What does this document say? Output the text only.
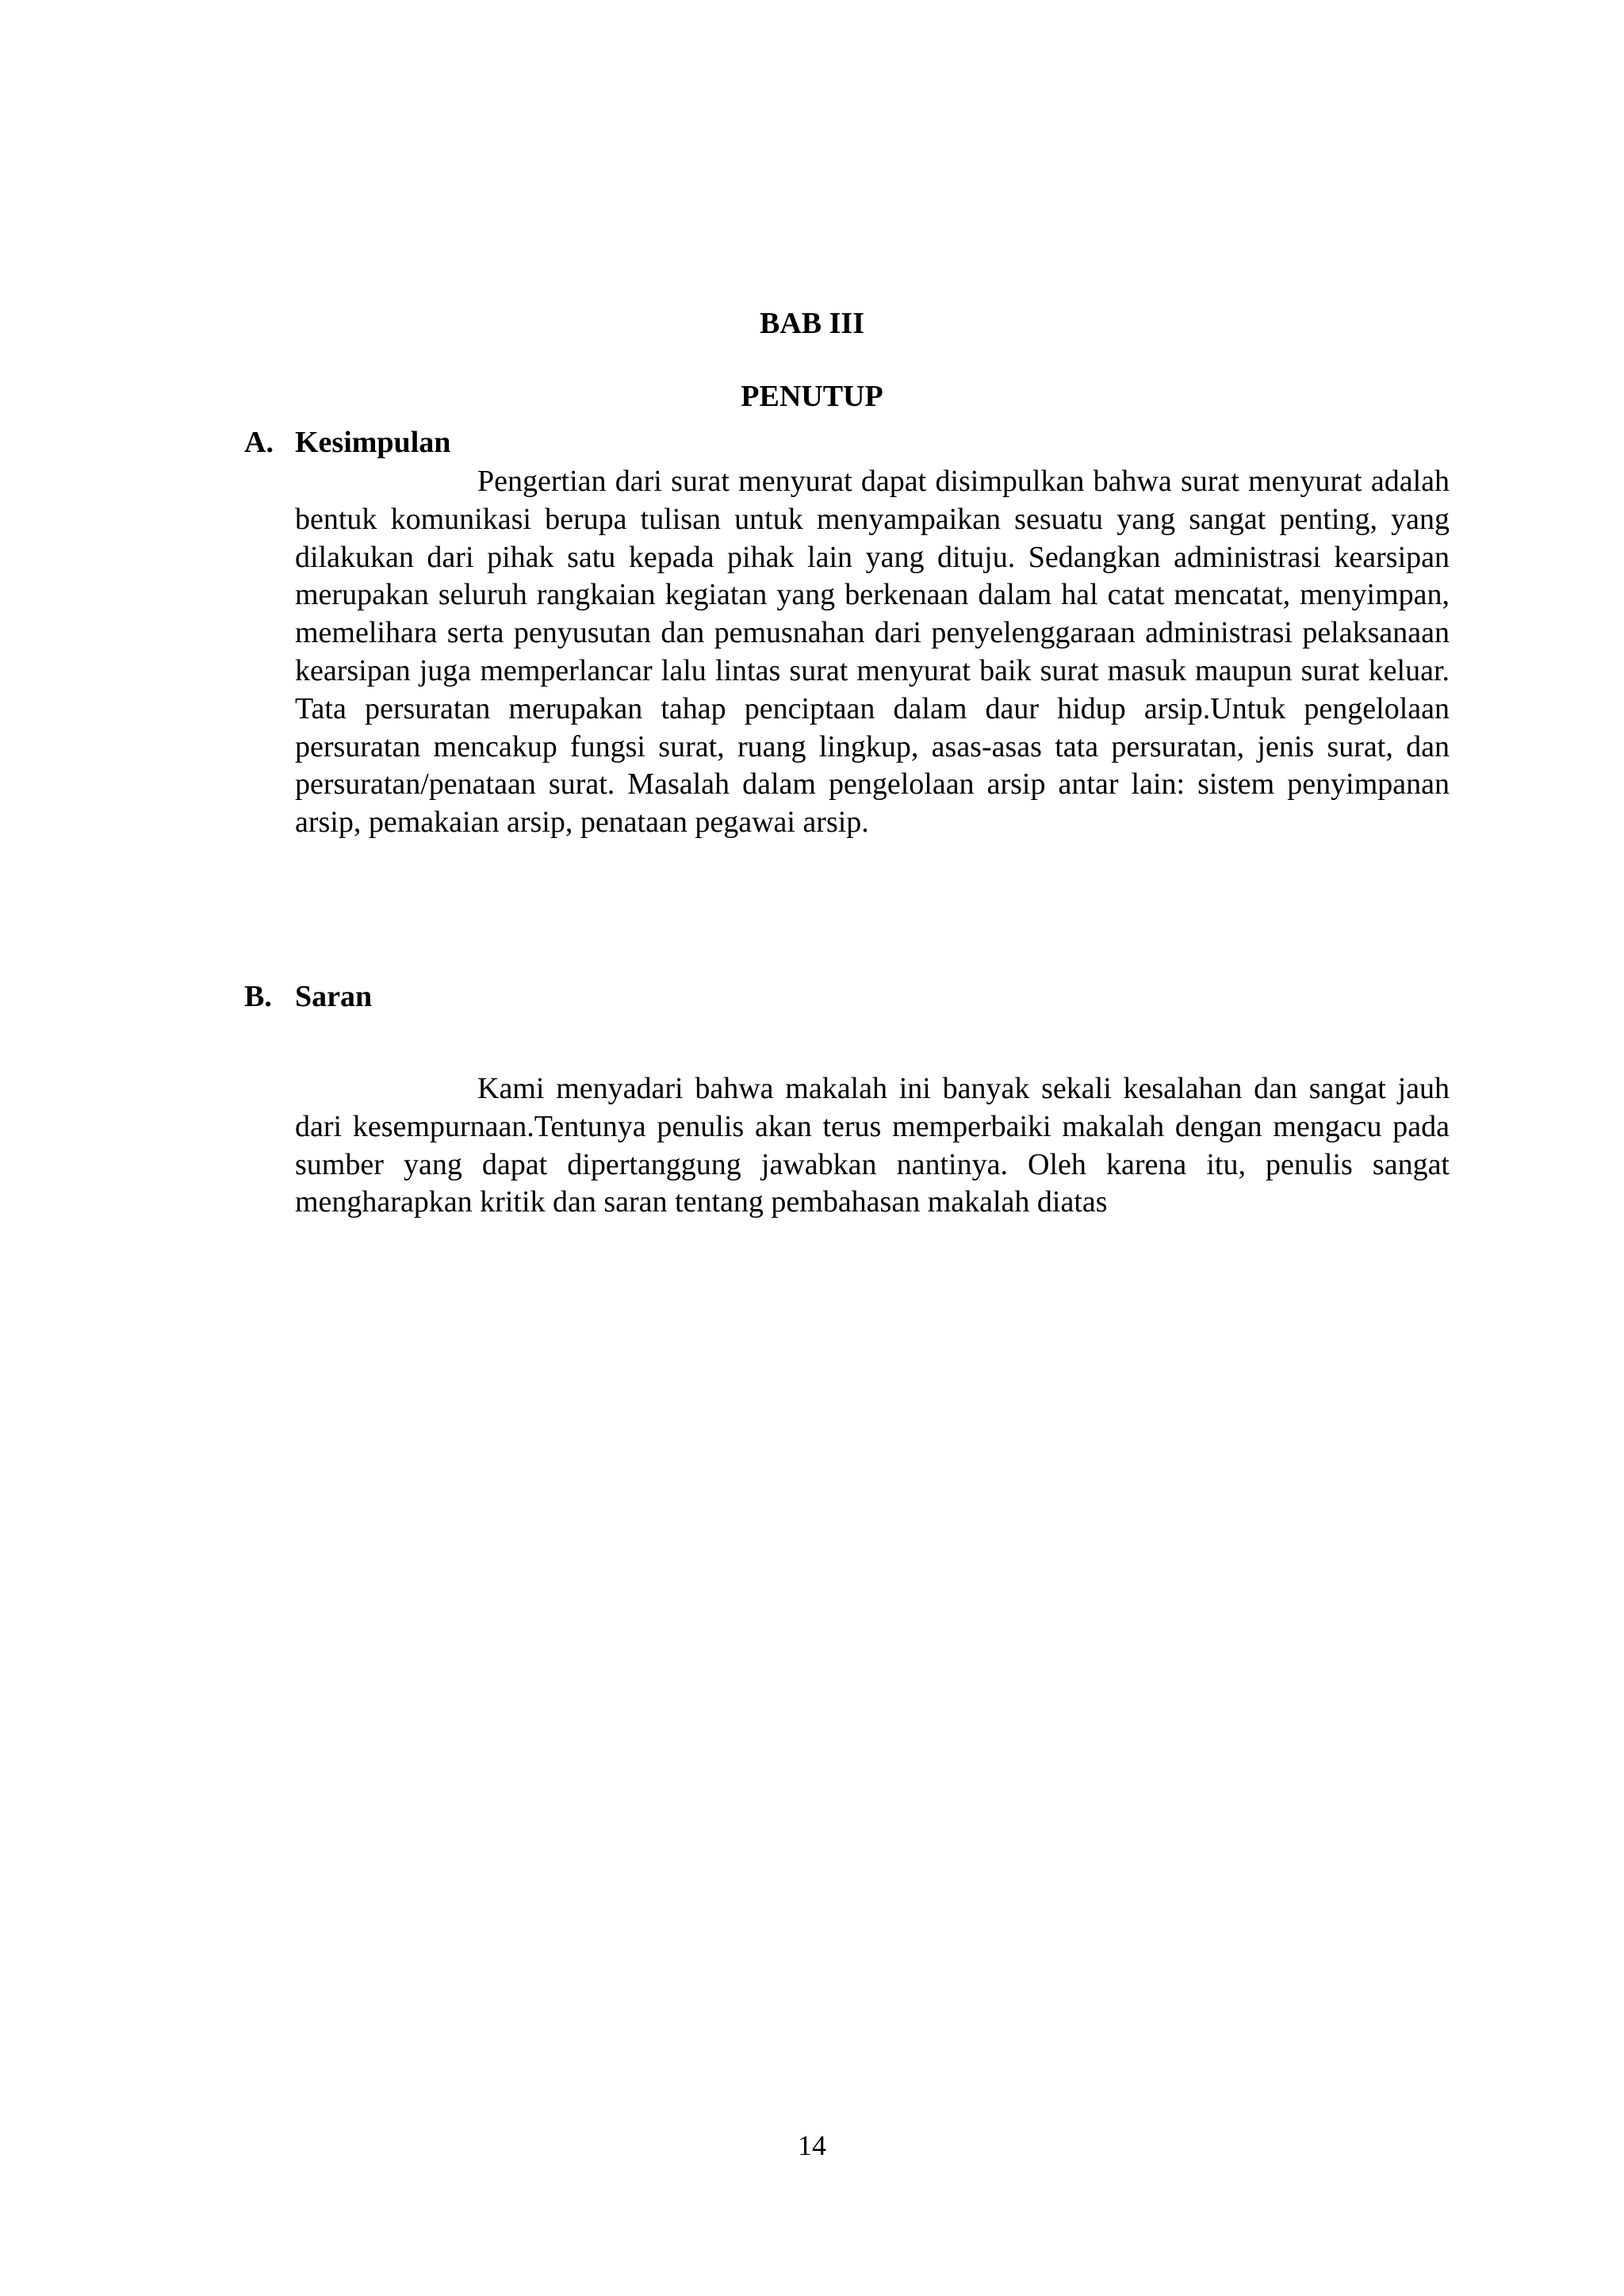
BAB III
PENUTUP
A. Kesimpulan

Pengertian dari surat menyurat dapat disimpulkan bahwa surat menyurat adalah bentuk komunikasi berupa tulisan untuk menyampaikan sesuatu yang sangat penting, yang dilakukan dari pihak satu kepada pihak lain yang dituju. Sedangkan administrasi kearsipan merupakan seluruh rangkaian kegiatan yang berkenaan dalam hal catat mencatat, menyimpan, memelihara serta penyusutan dan pemusnahan dari penyelenggaraan administrasi pelaksanaan kearsipan juga memperlancar lalu lintas surat menyurat baik surat masuk maupun surat keluar. Tata persuratan merupakan tahap penciptaan dalam daur hidup arsip.Untuk pengelolaan persuratan mencakup fungsi surat, ruang lingkup, asas-asas tata persuratan, jenis surat, dan persuratan/penataan surat. Masalah dalam pengelolaan arsip antar lain: sistem penyimpanan arsip, pemakaian arsip, penataan pegawai arsip.

B. Saran

Kami menyadari bahwa makalah ini banyak sekali kesalahan dan sangat jauh dari kesempurnaan.Tentunya penulis akan terus memperbaiki makalah dengan mengacu pada sumber yang dapat dipertanggung jawabkan nantinya. Oleh karena itu, penulis sangat mengharapkan kritik dan saran tentang pembahasan makalah diatas

14
